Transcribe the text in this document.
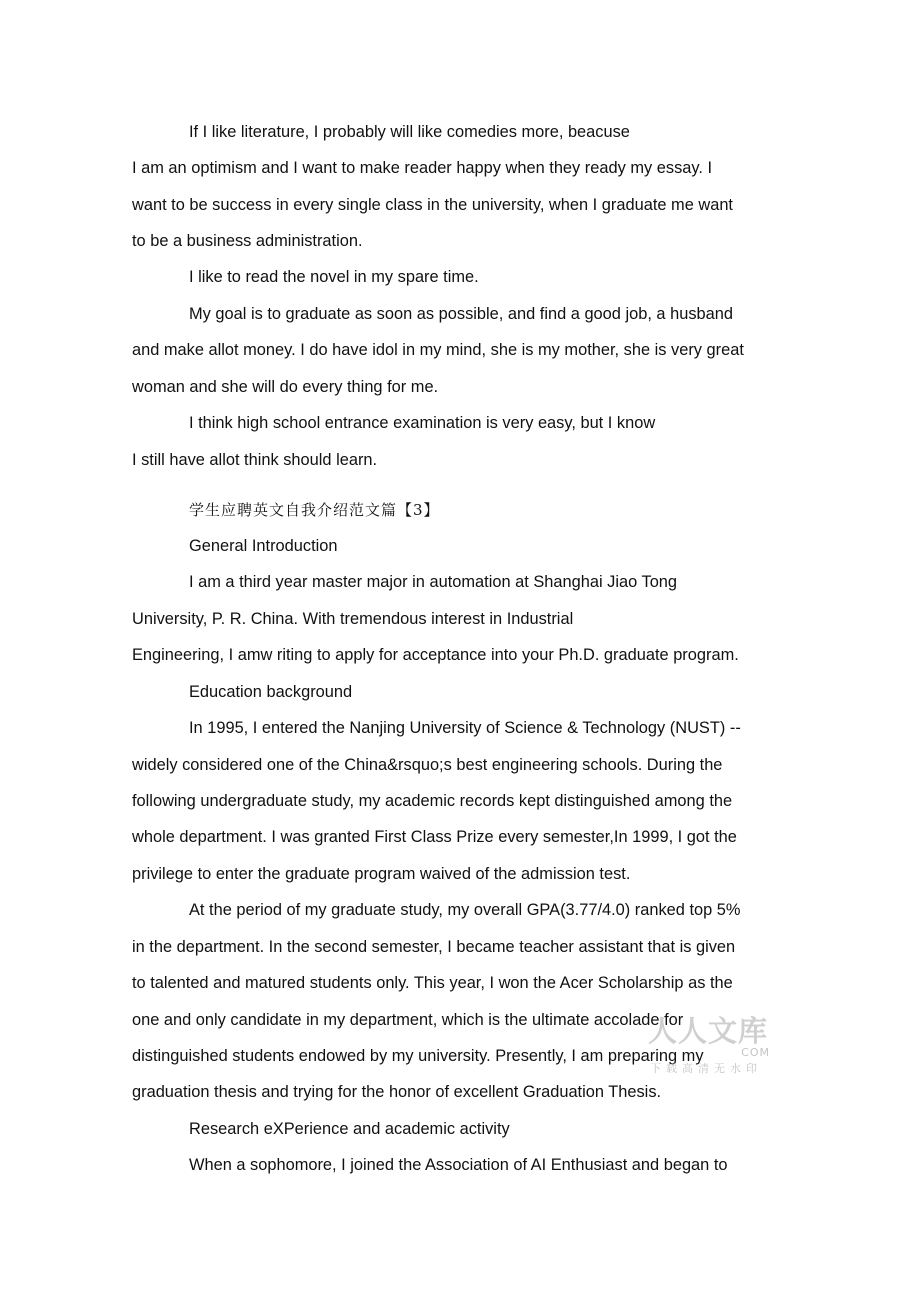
If I like literature, I probably will like comedies more, beacuse

I am an optimism and I want to make reader happy when they ready my essay. I

want to be success in every single class in the university, when I graduate me want

to be a business administration.

I like to read the novel in my spare time.

My goal is to graduate as soon as possible, and find a good job, a husband

and make allot money. I do have idol in my mind, she is my mother, she is very great

woman and she will do every thing for me.

I think high school entrance examination is very easy, but I know

I still have allot think should learn.

学生应聘英文自我介绍范文篇【3】

General Introduction

I am a third year master major in automation at Shanghai Jiao Tong

University, P. R. China. With tremendous interest in Industrial

Engineering, I amw riting to apply for acceptance into your Ph.D. graduate program.

Education background

In 1995, I entered the Nanjing University of Science & Technology (NUST) --

widely considered one of the China&rsquo;s best engineering schools. During the

following undergraduate study, my academic records kept distinguished among the

whole department. I was granted First Class Prize every semester,In 1999, I got the

privilege to enter the graduate program waived of the admission test.

At the period of my graduate study, my overall GPA(3.77/4.0) ranked top 5%

in the department. In the second semester, I became teacher assistant that is given

to talented and matured students only. This year, I won the Acer Scholarship as the

one and only candidate in my department, which is the ultimate accolade for

distinguished students endowed by my university. Presently, I am preparing my

graduation thesis and trying for the honor of excellent Graduation Thesis.

Research eXPerience and academic activity

When a sophomore, I joined the Association of AI Enthusiast and began to

人人文库
COM
下载高清无水印
